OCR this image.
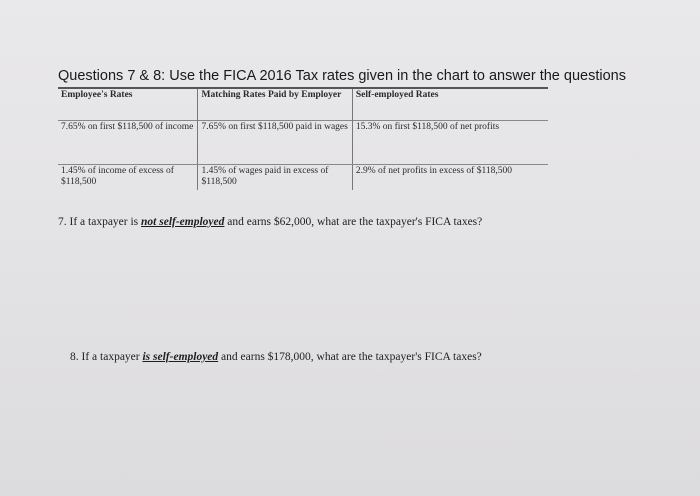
Questions 7 & 8: Use the FICA 2016 Tax rates given in the chart to answer the questions
Employee's Rates	Matching Rates Paid by Employer	Self-employed Rates
7.65% on first $118,500 of income	7.65% on first $118,500 paid in wages	15.3% on first $118,500 of net profits
1.45% of income of excess of $118,500	1.45% of wages paid in excess of $118,500	2.9% of net profits in excess of $118,500
7. If a taxpayer is not self-employed and earns $62,000, what are the taxpayer's FICA taxes?
8. If a taxpayer is self-employed and earns $178,000, what are the taxpayer's FICA taxes?
